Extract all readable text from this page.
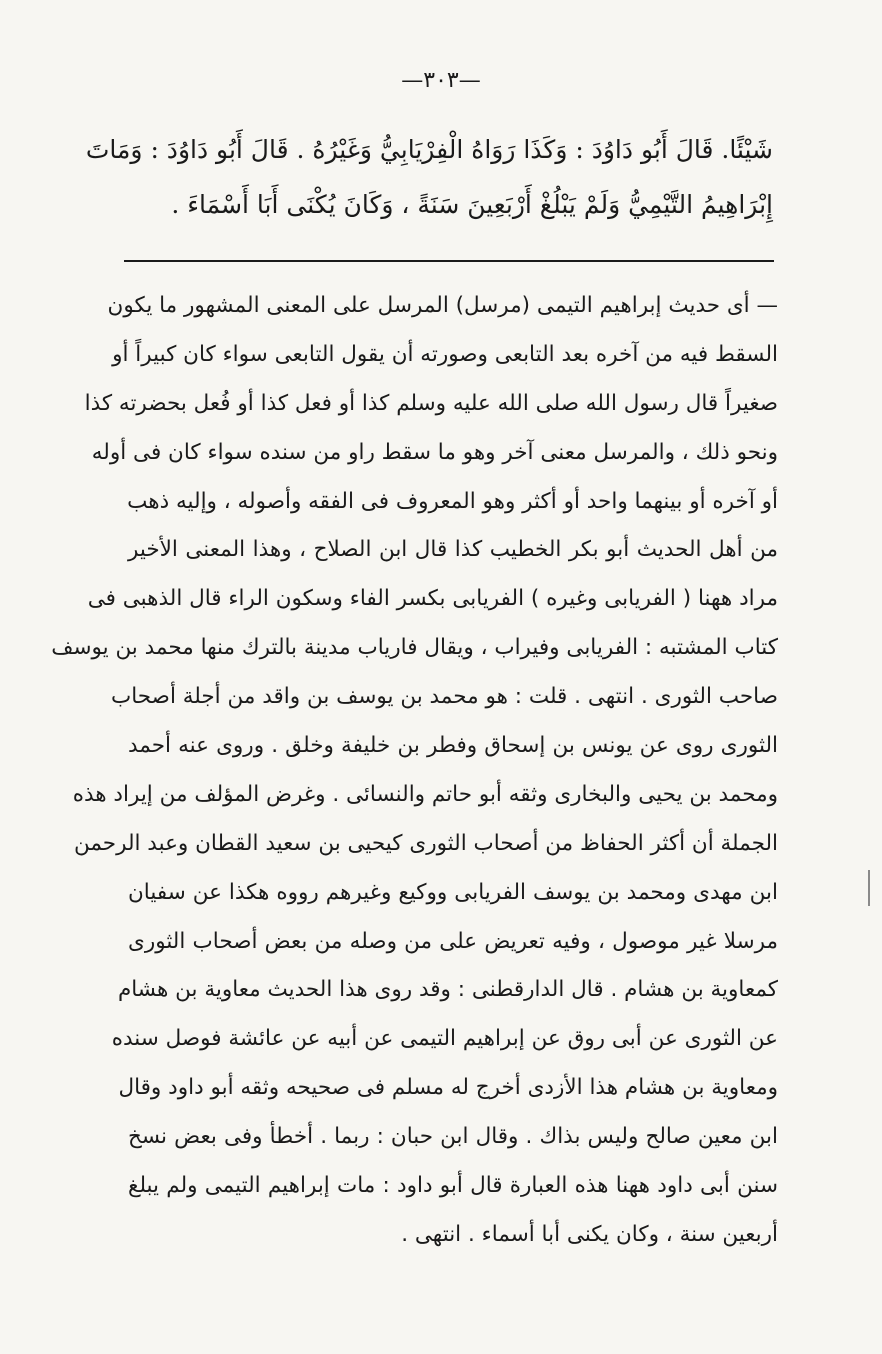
—٣٠٣—
شَيْئًا. قَالَ أَبُو دَاوُدَ : وَكَذَا رَوَاهُ الْفِرْيَابِيُّ وَغَيْرُهُ . قَالَ أَبُو دَاوُدَ : وَمَاتَ
إِبْرَاهِيمُ التَّيْمِيُّ وَلَمْ يَبْلُغْ أَرْبَعِينَ سَنَةً ، وَكَانَ يُكْنَى أَبَا أَسْمَاءَ .
— أى حديث إبراهيم التيمى (مرسل) المرسل على المعنى المشهور ما يكون
السقط فيه من آخره بعد التابعى وصورته أن يقول التابعى سواء كان كبيراً أو
صغيراً قال رسول الله صلى الله عليه وسلم كذا أو فعل كذا أو فُعل بحضرته كذا
ونحو ذلك ، والمرسل معنى آخر وهو ما سقط راو من سنده سواء كان فى أوله
أو آخره أو بينهما واحد أو أكثر وهو المعروف فى الفقه وأصوله ، وإليه ذهب
من أهل الحديث أبو بكر الخطيب كذا قال ابن الصلاح ، وهذا المعنى الأخير
مراد ههنا ( الفريابى وغيره ) الفريابى بكسر الفاء وسكون الراء قال الذهبى فى
كتاب المشتبه : الفريابى وفيراب ، ويقال فارياب مدينة بالترك منها محمد بن يوسف
صاحب الثورى . انتهى . قلت : هو محمد بن يوسف بن واقد من أجلة أصحاب
الثورى روى عن يونس بن إسحاق وفطر بن خليفة وخلق . وروى عنه أحمد
ومحمد بن يحيى والبخارى وثقه أبو حاتم والنسائى . وغرض المؤلف من إيراد هذه
الجملة أن أكثر الحفاظ من أصحاب الثورى كيحيى بن سعيد القطان وعبد الرحمن
ابن مهدى ومحمد بن يوسف الفريابى ووكيع وغيرهم رووه هكذا عن سفيان
مرسلا غير موصول ، وفيه تعريض على من وصله من بعض أصحاب الثورى
كمعاوية بن هشام . قال الدارقطنى : وقد روى هذا الحديث معاوية بن هشام
عن الثورى عن أبى روق عن إبراهيم التيمى عن أبيه عن عائشة فوصل سنده
ومعاوية بن هشام هذا الأزدى أخرج له مسلم فى صحيحه وثقه أبو داود وقال
ابن معين صالح وليس بذاك . وقال ابن حبان : ربما . أخطأ وفى بعض نسخ
سنن أبى داود ههنا هذه العبارة قال أبو داود : مات إبراهيم التيمى ولم يبلغ
أربعين سنة ، وكان يكنى أبا أسماء . انتهى .
